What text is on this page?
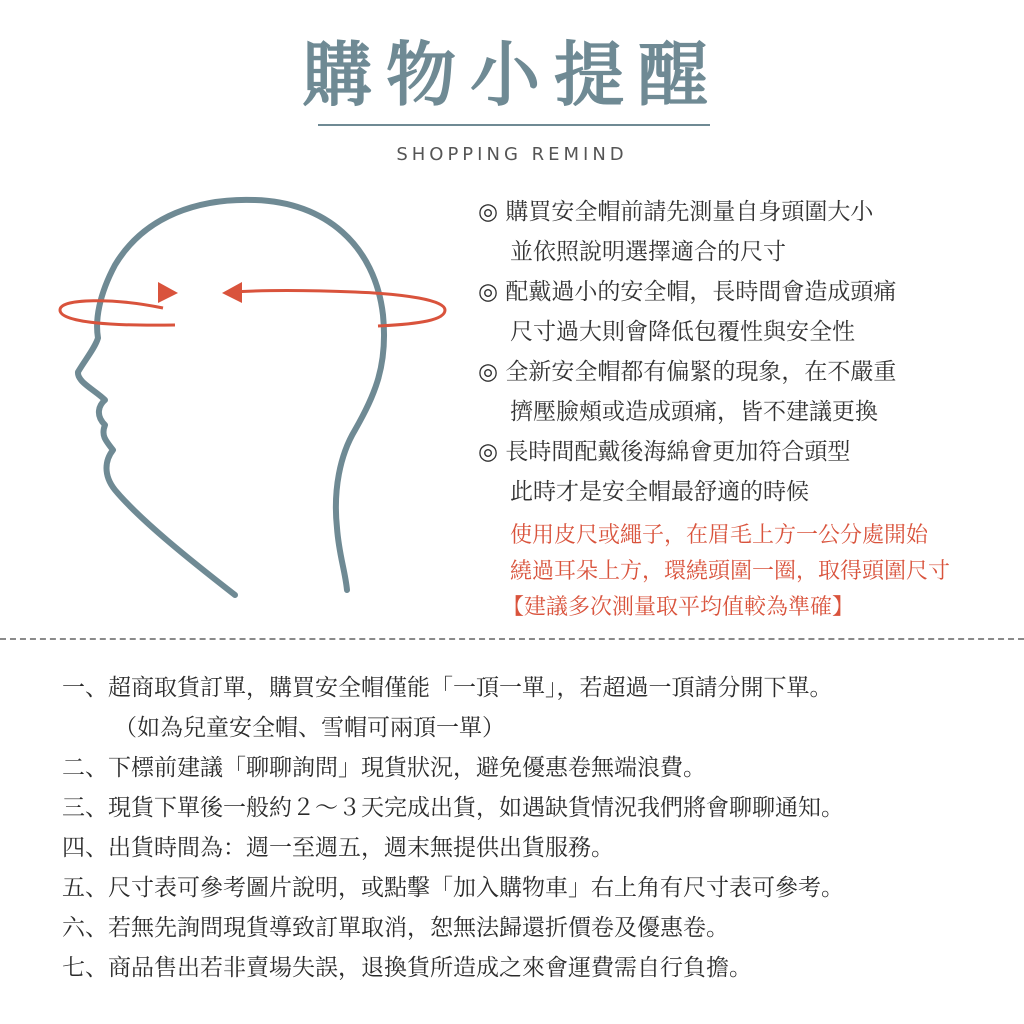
購物小提醒
SHOPPING REMIND
◎ 購買安全帽前請先測量自身頭圍大小
並依照說明選擇適合的尺寸
◎ 配戴過小的安全帽，長時間會造成頭痛
尺寸過大則會降低包覆性與安全性
◎ 全新安全帽都有偏緊的現象，在不嚴重
擠壓臉頰或造成頭痛，皆不建議更換
◎ 長時間配戴後海綿會更加符合頭型
此時才是安全帽最舒適的時候
使用皮尺或繩子，在眉毛上方一公分處開始
繞過耳朵上方，環繞頭圍一圈，取得頭圍尺寸
【建議多次測量取平均值較為準確】
一、超商取貨訂單，購買安全帽僅能「一頂一單」，若超過一頂請分開下單。
（如為兒童安全帽、雪帽可兩頂一單）
二、下標前建議「聊聊詢問」現貨狀況，避免優惠卷無端浪費。
三、現貨下單後一般約２～３天完成出貨，如遇缺貨情況我們將會聊聊通知。
四、出貨時間為：週一至週五，週末無提供出貨服務。
五、尺寸表可參考圖片說明，或點擊「加入購物車」右上角有尺寸表可參考。
六、若無先詢問現貨導致訂單取消，恕無法歸還折價卷及優惠卷。
七、商品售出若非賣場失誤，退換貨所造成之來會運費需自行負擔。
